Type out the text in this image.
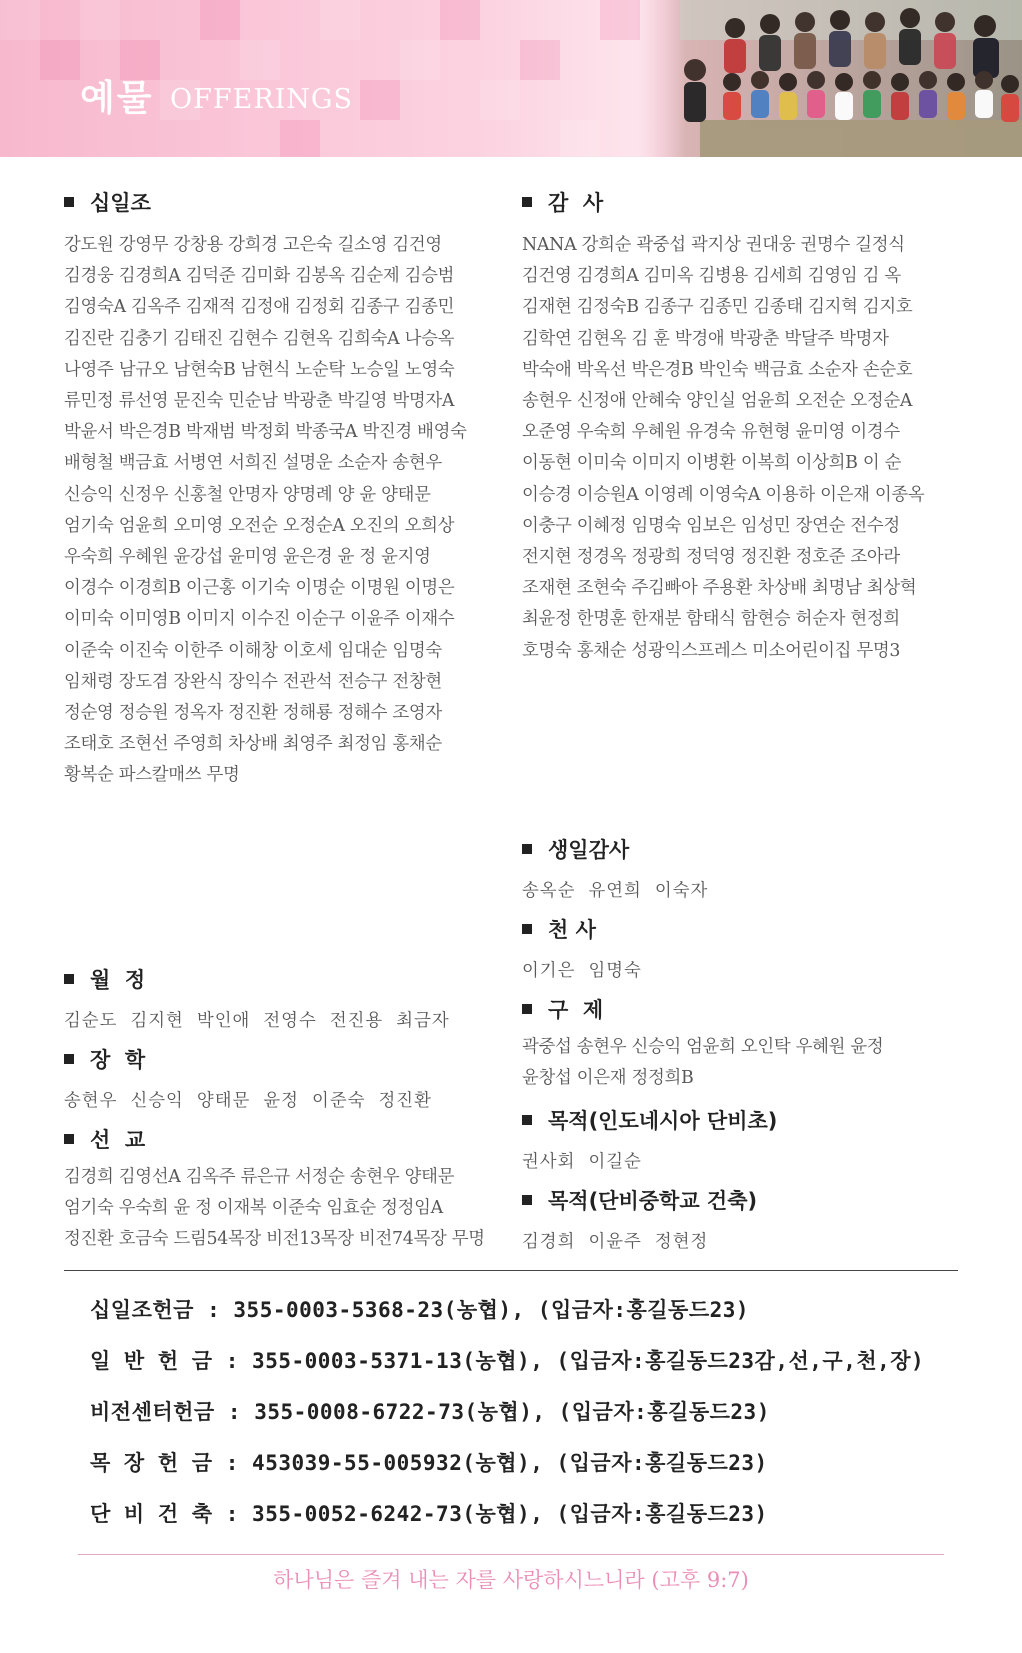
예물 OFFERINGS

십일조

강도원 강영무 강창용 강희경 고은숙 길소영 김건영

김경웅 김경희A 김덕준 김미화 김봉옥 김순제 김승범

김영숙A 김옥주 김재적 김정애 김정회 김종구 김종민

김진란 김충기 김태진 김현수 김현옥 김희숙A 나승옥

나영주 남규오 남현숙B 남현식 노순탁 노승일 노영숙

류민정 류선영 문진숙 민순남 박광춘 박길영 박명자A

박윤서 박은경B 박재범 박정회 박종국A 박진경 배영숙

배형철 백금효 서병연 서희진 설명운 소순자 송현우

신승익 신정우 신홍철 안명자 양명례 양 윤 양태문

엄기숙 엄윤희 오미영 오전순 오정순A 오진의 오희상

우숙희 우혜원 윤강섭 윤미영 윤은경 윤 정 윤지영

이경수 이경희B 이근홍 이기숙 이명순 이명원 이명은

이미숙 이미영B 이미지 이수진 이순구 이윤주 이재수

이준숙 이진숙 이한주 이해창 이호세 임대순 임명숙

임채령 장도겸 장완식 장익수 전관석 전승구 전창현

정순영 정승원 정옥자 정진환 정해룡 정해수 조영자

조태호 조현선 주영희 차상배 최영주 최정임 홍채순

황복순 파스칼매쓰 무명

감  사

NANA 강희순 곽중섭 곽지상 권대웅 권명수 길정식

김건영 김경희A 김미옥 김병용 김세희 김영임 김 옥

김재현 김정숙B 김종구 김종민 김종태 김지혁 김지호

김학연 김현옥 김 훈 박경애 박광춘 박달주 박명자

박숙애 박옥선 박은경B 박인숙 백금효 소순자 손순호

송현우 신정애 안혜숙 양인실 엄윤희 오전순 오정순A

오준영 우숙희 우혜원 유경숙 유현형 윤미영 이경수

이동현 이미숙 이미지 이병환 이복희 이상희B 이 순

이승경 이승원A 이영례 이영숙A 이용하 이은재 이종옥

이충구 이혜정 임명숙 임보은 임성민 장연순 전수정

전지현 정경옥 정광희 정덕영 정진환 정호준 조아라

조재현 조현숙 주김빠아 주용환 차상배 최명남 최상혁

최윤정 한명훈 한재분 함태식 함현승 허순자 현정희

호명숙 홍채순 성광익스프레스 미소어린이집 무명3

생일감사

송옥순  유연희  이숙자

천 사

이기은  임명숙

월  정

김순도  김지현  박인애  전영수  전진용  최금자	구  제

곽중섭 송현우 신승익 엄윤희 오인탁 우혜원 윤정

윤창섭 이은재 정정희B

장  학

송현우  신승익  양태문  윤정  이준숙  정진환

목적(인도네시아 단비초)

권사회  이길순

선  교

김경희 김영선A 김옥주 류은규 서정순 송현우 양태문

엄기숙 우숙희 윤 정 이재복 이준숙 임효순 정정임A

정진환 호금숙 드림54목장 비전13목장 비전74목장 무명

목적(단비중학교 건축)

김경희  이윤주  정현정

십일조헌금 : 355-0003-5368-23(농협), (입금자:홍길동드23)
일 반 헌 금 : 355-0003-5371-13(농협), (입금자:홍길동드23감,선,구,천,장)
비전센터헌금 : 355-0008-6722-73(농협), (입금자:홍길동드23)
목 장 헌 금 : 453039-55-005932(농협), (입금자:홍길동드23)
단 비 건 축 : 355-0052-6242-73(농협), (입금자:홍길동드23)
하나님은 즐겨 내는 자를 사랑하시느니라 (고후 9:7)
